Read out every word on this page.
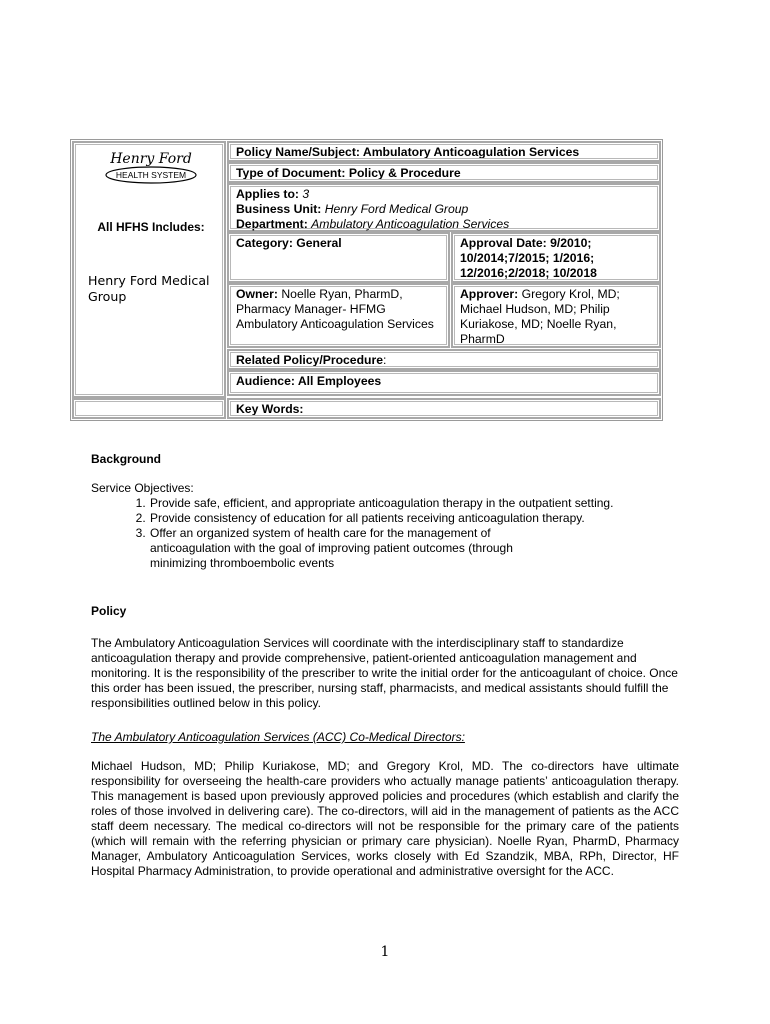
Henry Ford
HEALTH SYSTEM
All HFHS Includes:
Henry Ford Medical Group
Policy Name/Subject: Ambulatory Anticoagulation Services
Type of Document: Policy & Procedure
Applies to: 3
Business Unit: Henry Ford Medical Group
Department: Ambulatory Anticoagulation Services
Category: General	Approval Date: 9/2010; 10/2014;7/2015; 1/2016; 12/2016;2/2018; 10/2018
Owner: Noelle Ryan, PharmD, Pharmacy Manager- HFMG Ambulatory Anticoagulation Services
Approver: Gregory Krol, MD; Michael Hudson, MD; Philip Kuriakose, MD; Noelle Ryan, PharmD
Related Policy/Procedure:
Audience: All Employees
Key Words:
Background
Service Objectives:
1. Provide safe, efficient, and appropriate anticoagulation therapy in the outpatient setting.
2. Provide consistency of education for all patients receiving anticoagulation therapy.
3. Offer an organized system of health care for the management of anticoagulation with the goal of improving patient outcomes (through minimizing thromboembolic events
Policy
The Ambulatory Anticoagulation Services will coordinate with the interdisciplinary staff to standardize anticoagulation therapy and provide comprehensive, patient-oriented anticoagulation management and monitoring. It is the responsibility of the prescriber to write the initial order for the anticoagulant of choice. Once this order has been issued, the prescriber, nursing staff, pharmacists, and medical assistants should fulfill the responsibilities outlined below in this policy.
The Ambulatory Anticoagulation Services (ACC) Co-Medical Directors:
Michael Hudson, MD; Philip Kuriakose, MD; and Gregory Krol, MD. The co-directors have ultimate responsibility for overseeing the health-care providers who actually manage patients’ anticoagulation therapy. This management is based upon previously approved policies and procedures (which establish and clarify the roles of those involved in delivering care). The co-directors, will aid in the management of patients as the ACC staff deem necessary. The medical co-directors will not be responsible for the primary care of the patients (which will remain with the referring physician or primary care physician). Noelle Ryan, PharmD, Pharmacy Manager, Ambulatory Anticoagulation Services, works closely with Ed Szandzik, MBA, RPh, Director, HF Hospital Pharmacy Administration, to provide operational and administrative oversight for the ACC.
1
